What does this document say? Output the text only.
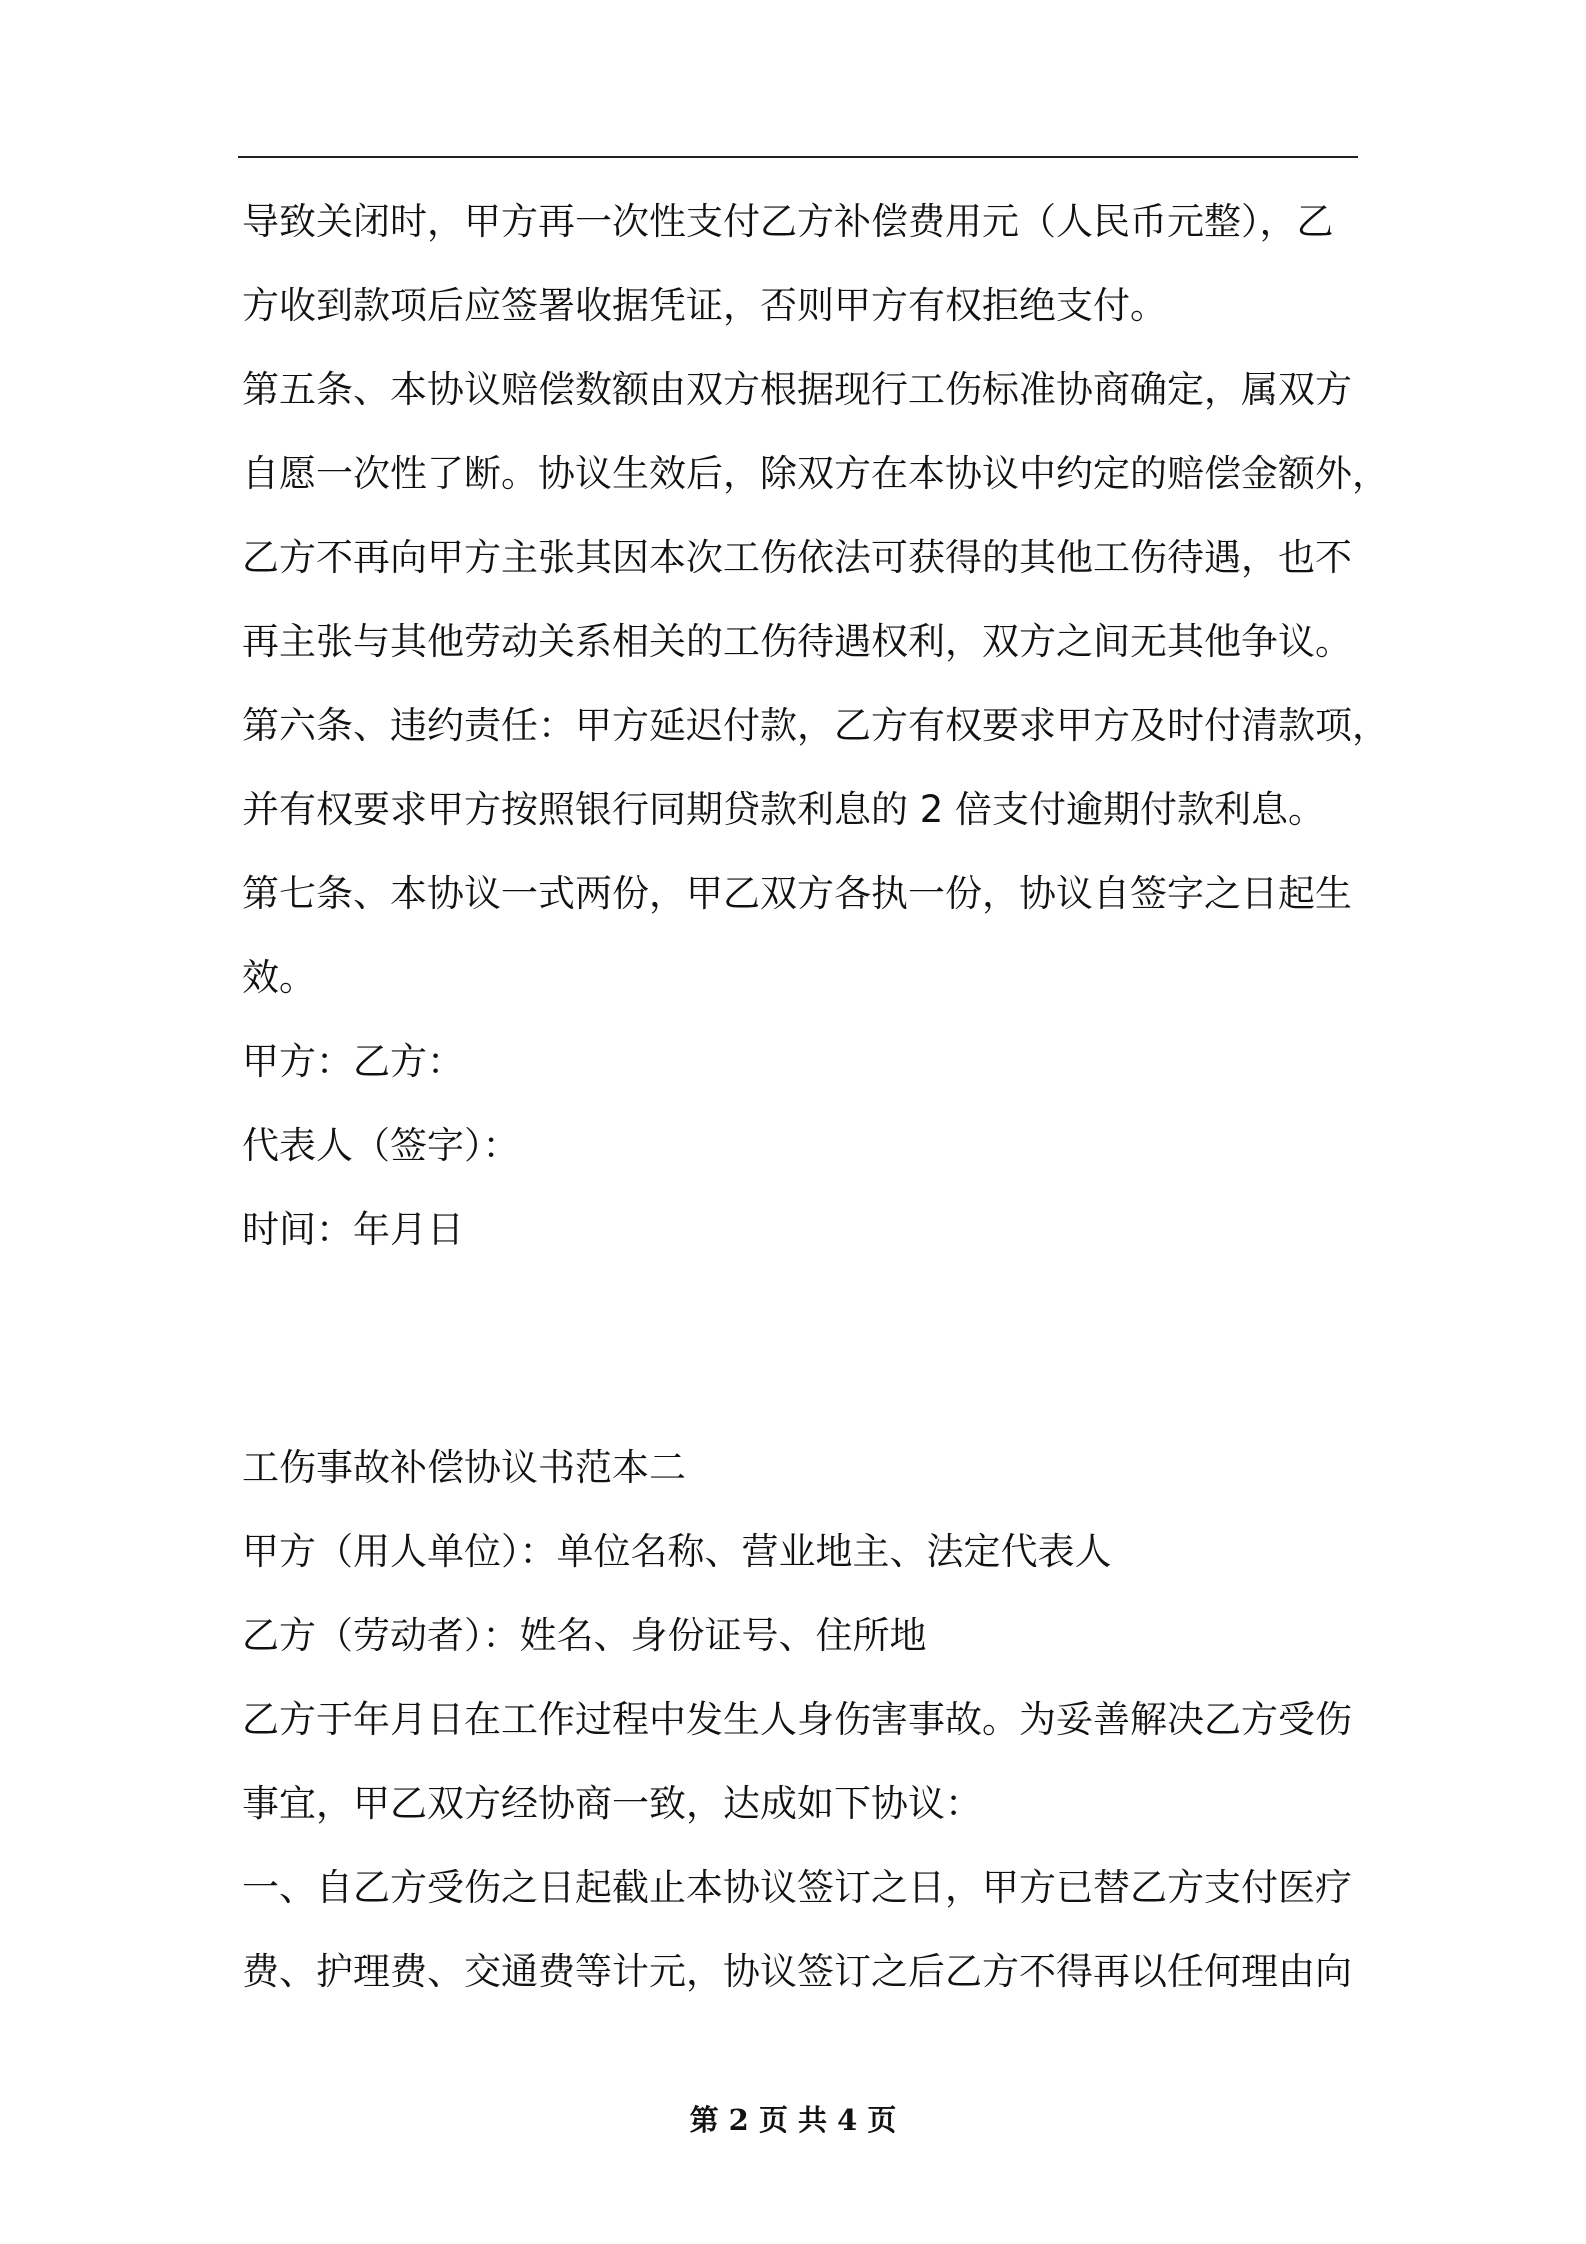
导致关闭时，甲方再一次性支付乙方补偿费用元（人民币元整），乙
方收到款项后应签署收据凭证，否则甲方有权拒绝支付。
第五条、本协议赔偿数额由双方根据现行工伤标准协商确定，属双方
自愿一次性了断。协议生效后，除双方在本协议中约定的赔偿金额外，
乙方不再向甲方主张其因本次工伤依法可获得的其他工伤待遇，也不
再主张与其他劳动关系相关的工伤待遇权利，双方之间无其他争议。
第六条、违约责任：甲方延迟付款，乙方有权要求甲方及时付清款项，
并有权要求甲方按照银行同期贷款利息的 2 倍支付逾期付款利息。
第七条、本协议一式两份，甲乙双方各执一份，协议自签字之日起生
效。
甲方：乙方：
代表人（签字）：
时间：年月日
工伤事故补偿协议书范本二
甲方（用人单位）：单位名称、营业地主、法定代表人
乙方（劳动者）：姓名、身份证号、住所地
乙方于年月日在工作过程中发生人身伤害事故。为妥善解决乙方受伤
事宜，甲乙双方经协商一致，达成如下协议：
一、自乙方受伤之日起截止本协议签订之日，甲方已替乙方支付医疗
费、护理费、交通费等计元，协议签订之后乙方不得再以任何理由向
第 2 页 共 4 页
